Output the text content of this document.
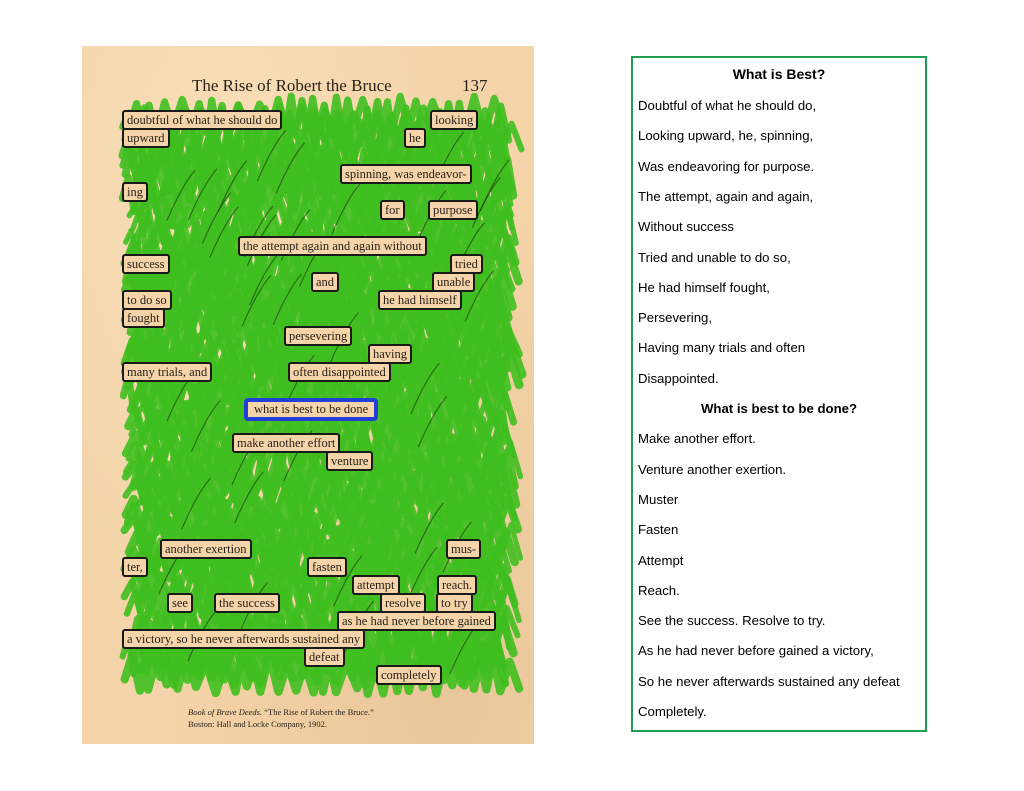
The Rise of Robert the Bruce	137
doubtful of what he should do	looking
upward	he
spinning, was endeavor-
ing
for	purpose
the attempt again and again without
success	tried
and	unable
to do so	he had himself
fought
persevering
having
many trials, and	often disappointed
what is best to be done
make another effort
venture
another exertion	mus-
ter,	fasten
attempt	reach.
see	the success	resolve	to try
as he had never before gained
a victory, so he never afterwards sustained any
defeat
completely
Book of Brave Deeds. “The Rise of Robert the Bruce.”
Boston: Hall and Locke Company, 1902.
What is Best?
Doubtful of what he should do,
Looking upward, he, spinning,
Was endeavoring for purpose.
The attempt, again and again,
Without success
Tried and unable to do so,
He had himself fought,
Persevering,
Having many trials and often
Disappointed.
What is best to be done?
Make another effort.
Venture another exertion.
Muster
Fasten
Attempt
Reach.
See the success. Resolve to try.
As he had never before gained a victory,
So he never afterwards sustained any defeat
Completely.
